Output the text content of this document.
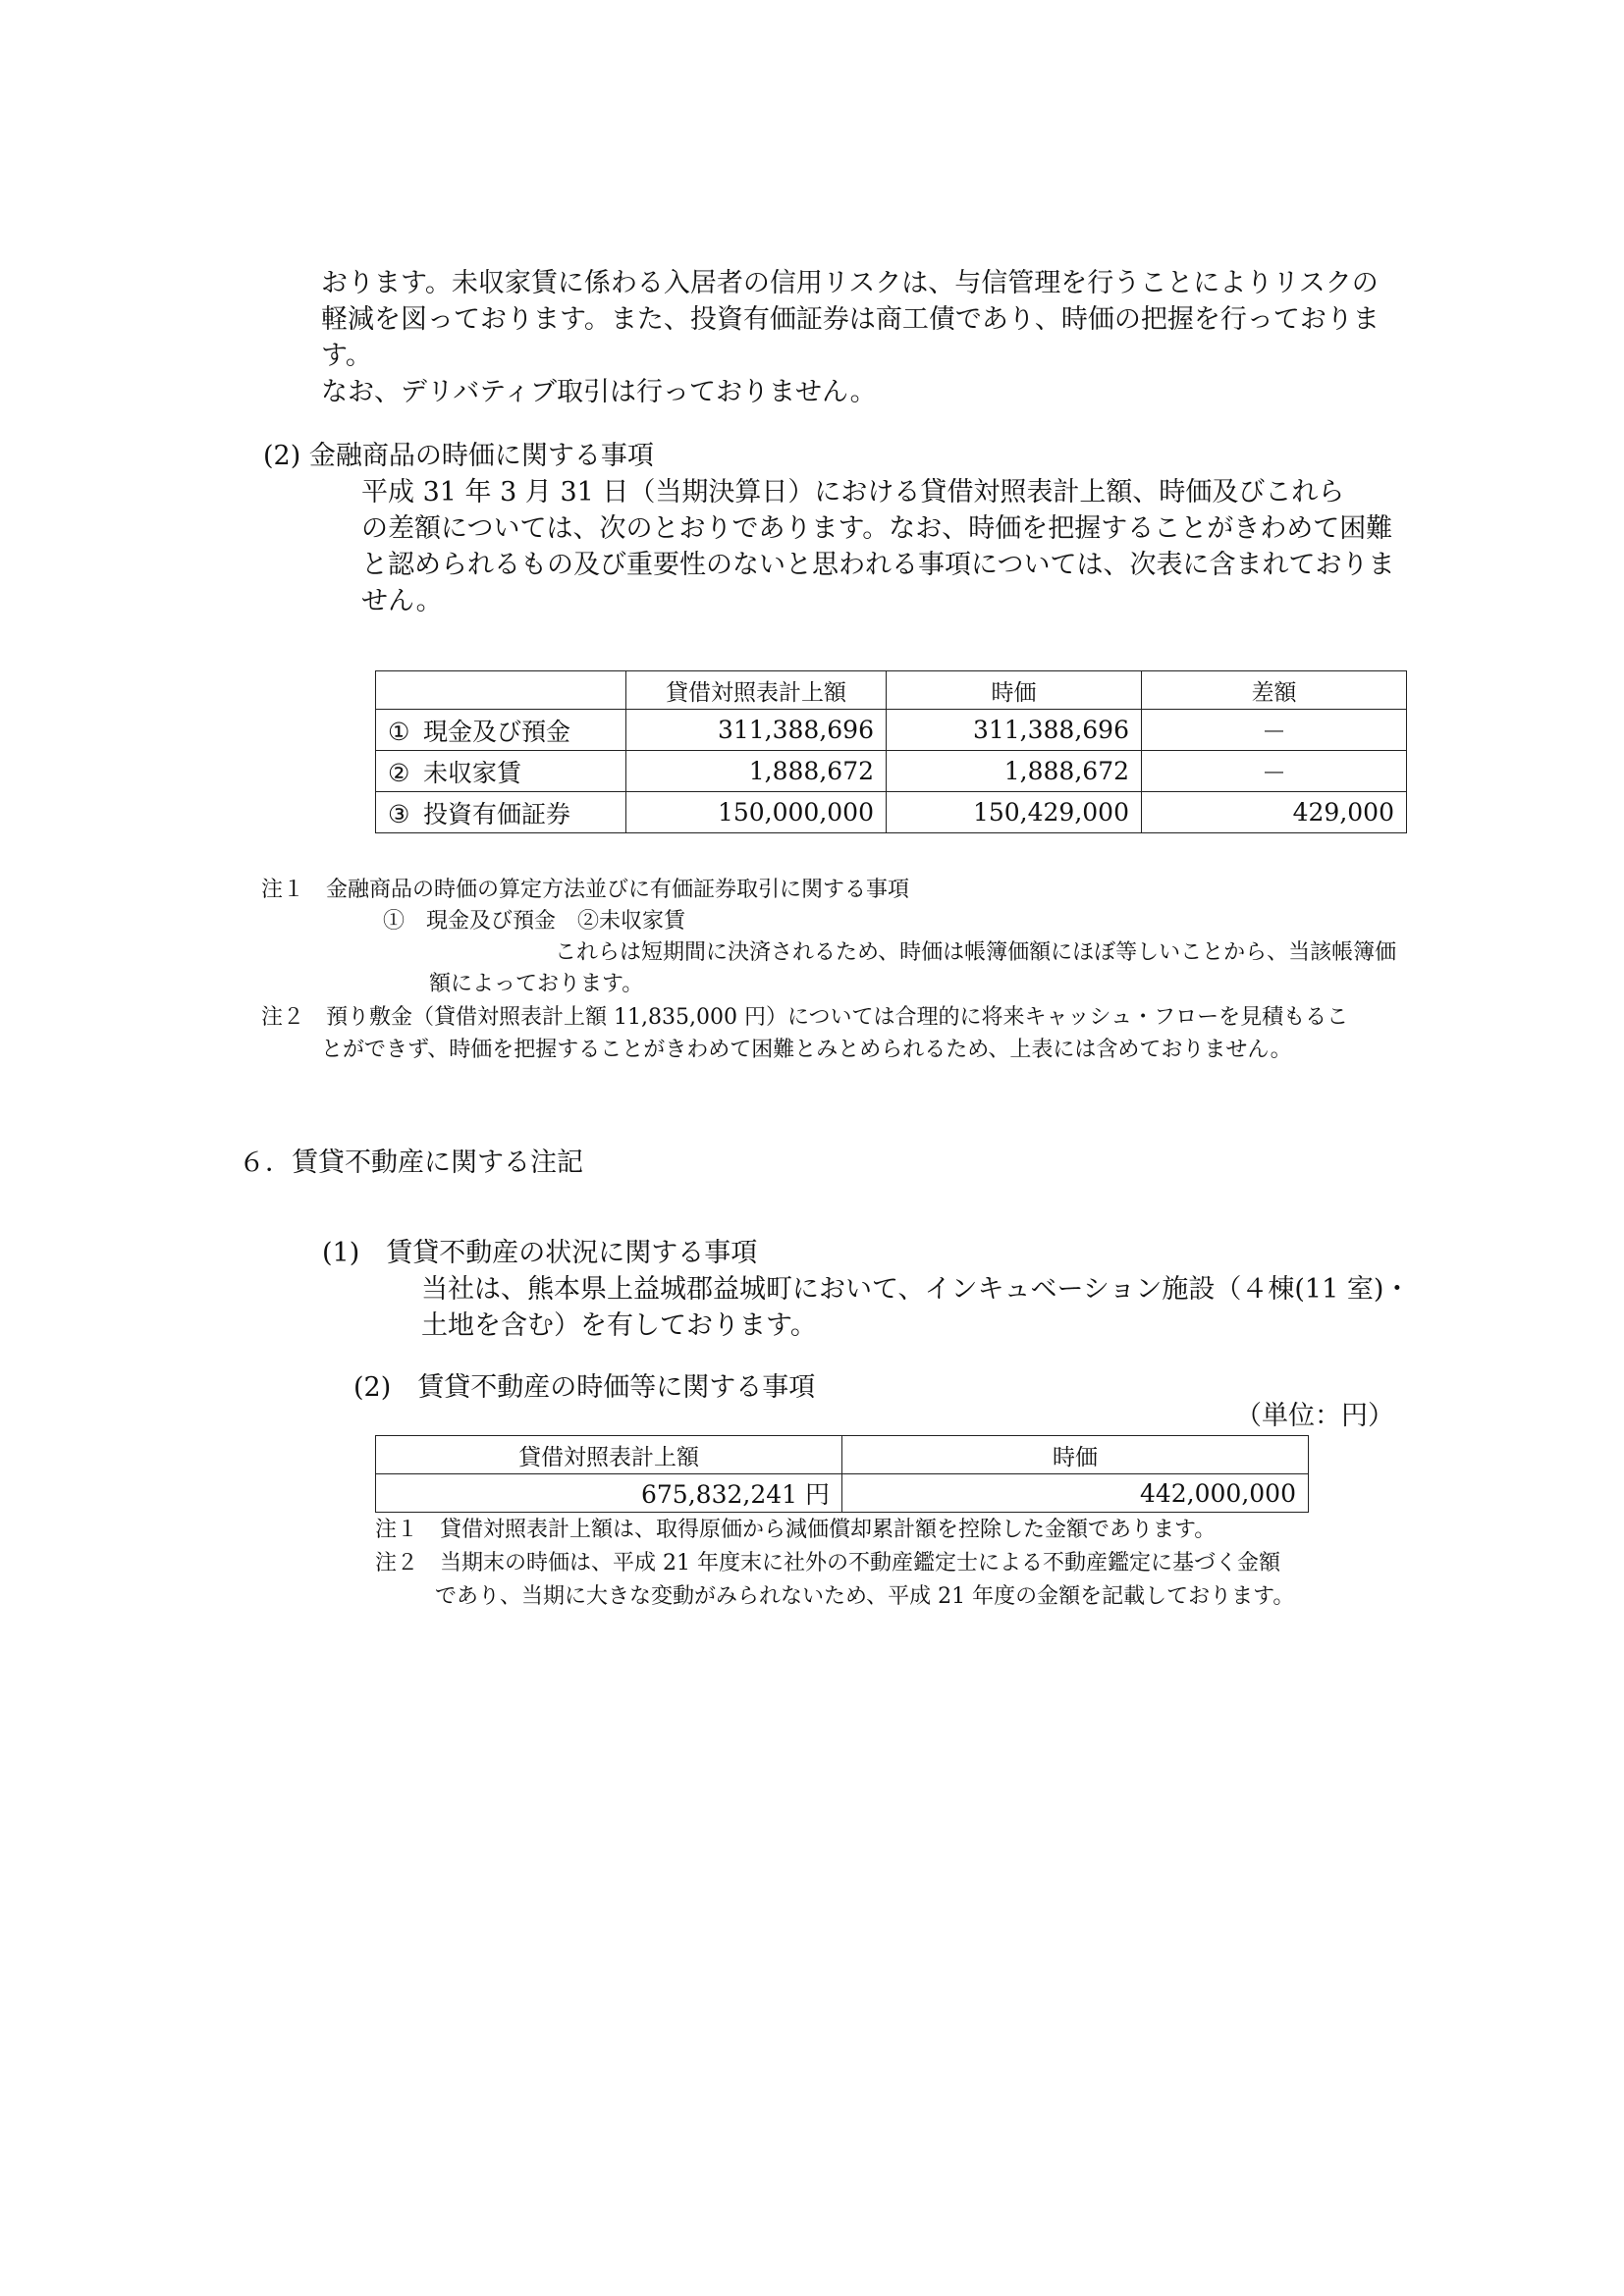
おります。未収家賃に係わる入居者の信用リスクは、与信管理を行うことによりリスクの
軽減を図っております。また、投資有価証券は商工債であり、時価の把握を行っておりま
す。
なお、デリバティブ取引は行っておりません。
(2) 金融商品の時価に関する事項
平成 31 年 3 月 31 日（当期決算日）における貸借対照表計上額、時価及びこれら
の差額については、次のとおりであります。なお、時価を把握することがきわめて困難
と認められるもの及び重要性のないと思われる事項については、次表に含まれておりま
せん。
	貸借対照表計上額	時価	差額
① 現金及び預金	311,388,696	311,388,696	－
② 未収家賃	1,888,672	1,888,672	－
③ 投資有価証券	150,000,000	150,429,000	429,000
注１　金融商品の時価の算定方法並びに有価証券取引に関する事項
①　現金及び預金　②未収家賃
これらは短期間に決済されるため、時価は帳簿価額にほぼ等しいことから、当該帳簿価
額によっております。
注２　預り敷金（貸借対照表計上額 11,835,000 円）については合理的に将来キャッシュ・フローを見積もるこ
とができず、時価を把握することがきわめて困難とみとめられるため、上表には含めておりません。
６．賃貸不動産に関する注記
(1)　賃貸不動産の状況に関する事項
当社は、熊本県上益城郡益城町において、インキュベーション施設（４棟(11 室)・
土地を含む）を有しております。
(2)　賃貸不動産の時価等に関する事項
（単位：円）
貸借対照表計上額	時価
675,832,241 円	442,000,000
注１　貸借対照表計上額は、取得原価から減価償却累計額を控除した金額であります。
注２　当期末の時価は、平成 21 年度末に社外の不動産鑑定士による不動産鑑定に基づく金額
であり、当期に大きな変動がみられないため、平成 21 年度の金額を記載しております。
